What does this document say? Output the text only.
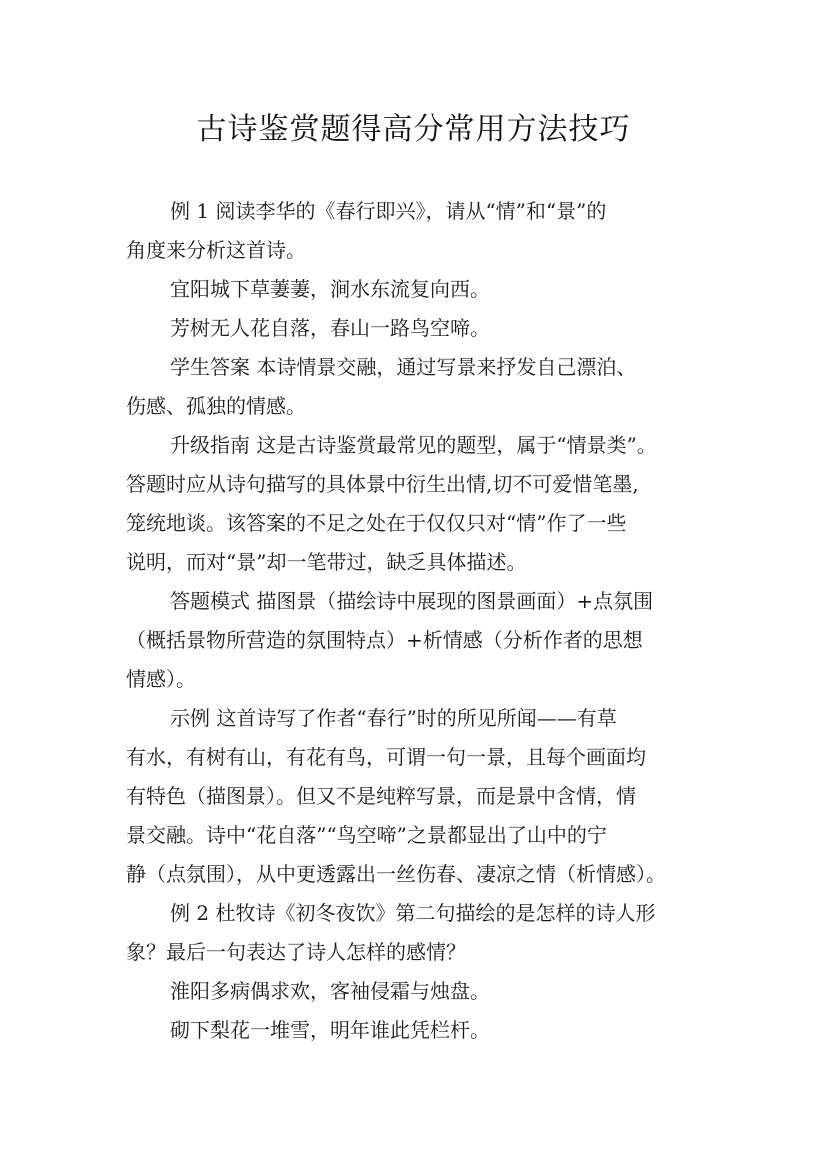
古诗鉴赏题得高分常用方法技巧
例 1 阅读李华的《春行即兴》，请从“情”和“景”的
角度来分析这首诗。
宜阳城下草萋萋，涧水东流复向西。
芳树无人花自落，春山一路鸟空啼。
学生答案 本诗情景交融，通过写景来抒发自己漂泊、
伤感、孤独的情感。
升级指南 这是古诗鉴赏最常见的题型，属于“情景类”。
答题时应从诗句描写的具体景中衍生出情,切不可爱惜笔墨,
笼统地谈。该答案的不足之处在于仅仅只对“情”作了一些
说明，而对“景”却一笔带过，缺乏具体描述。
答题模式 描图景（描绘诗中展现的图景画面）+点氛围
（概括景物所营造的氛围特点）+析情感（分析作者的思想
情感）。
示例 这首诗写了作者“春行”时的所见所闻——有草
有水，有树有山，有花有鸟，可谓一句一景，且每个画面均
有特色（描图景）。但又不是纯粹写景，而是景中含情，情
景交融。诗中“花自落”“鸟空啼”之景都显出了山中的宁
静（点氛围），从中更透露出一丝伤春、凄凉之情（析情感）。
例 2 杜牧诗《初冬夜饮》第二句描绘的是怎样的诗人形
象？最后一句表达了诗人怎样的感情？
淮阳多病偶求欢，客袖侵霜与烛盘。
砌下梨花一堆雪，明年谁此凭栏杆。
